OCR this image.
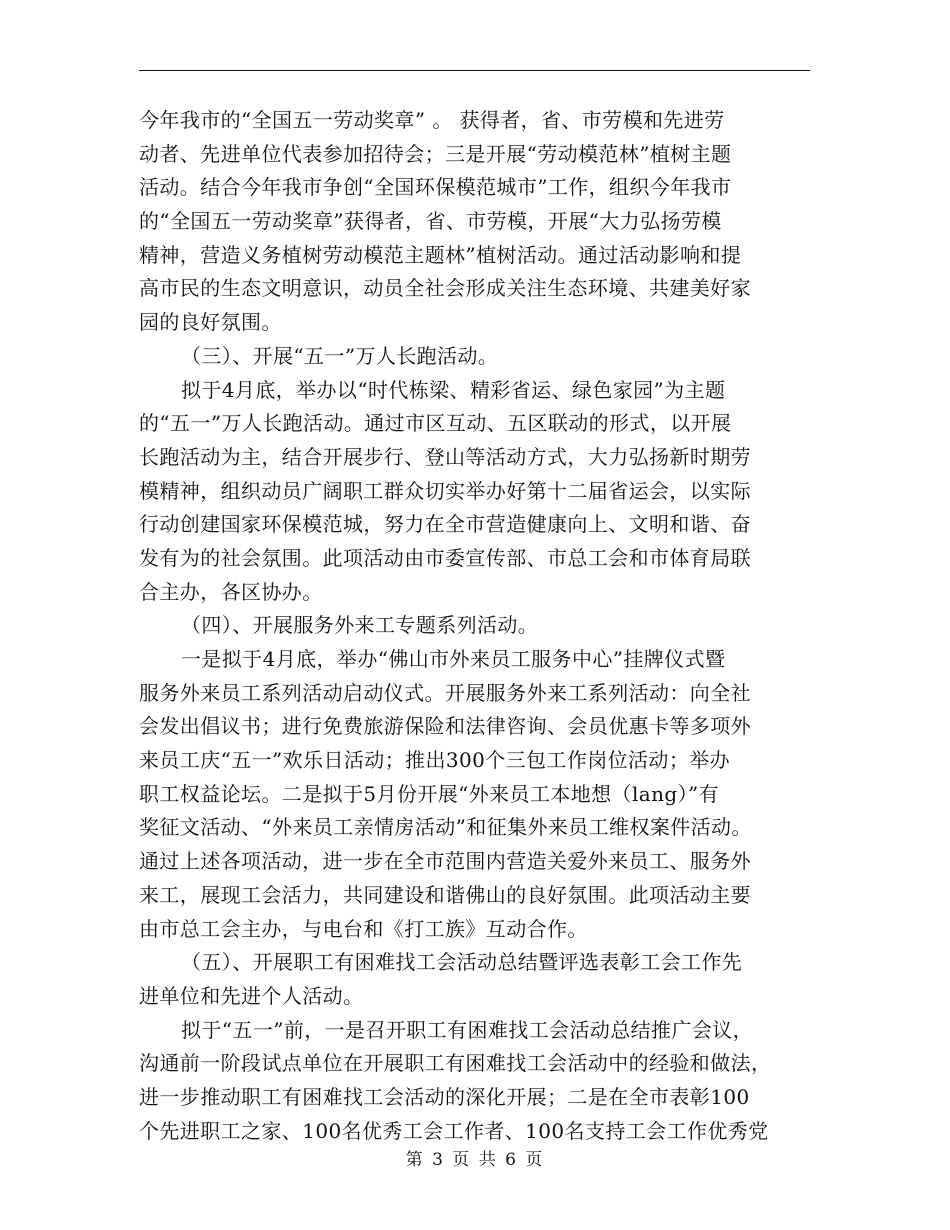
今年我市的“全国五一劳动奖章” 。 获得者，省、市劳模和先进劳
动者、先进单位代表参加招待会；三是开展“劳动模范林”植树主题
活动。结合今年我市争创“全国环保模范城市”工作，组织今年我市
的“全国五一劳动奖章”获得者，省、市劳模，开展“大力弘扬劳模
精神，营造义务植树劳动模范主题林”植树活动。通过活动影响和提
高市民的生态文明意识，动员全社会形成关注生态环境、共建美好家
园的良好氛围。
（三）、开展“五一”万人长跑活动。
拟于4月底，举办以“时代栋梁、精彩省运、绿色家园”为主题
的“五一”万人长跑活动。通过市区互动、五区联动的形式，以开展
长跑活动为主，结合开展步行、登山等活动方式，大力弘扬新时期劳
模精神，组织动员广阔职工群众切实举办好第十二届省运会，以实际
行动创建国家环保模范城，努力在全市营造健康向上、文明和谐、奋
发有为的社会氛围。此项活动由市委宣传部、市总工会和市体育局联
合主办，各区协办。
（四）、开展服务外来工专题系列活动。
一是拟于4月底，举办“佛山市外来员工服务中心”挂牌仪式暨
服务外来员工系列活动启动仪式。开展服务外来工系列活动：向全社
会发出倡议书；进行免费旅游保险和法律咨询、会员优惠卡等多项外
来员工庆“五一”欢乐日活动；推出300个三包工作岗位活动；举办
职工权益论坛。二是拟于5月份开展“外来员工本地想（lang）”有
奖征文活动、“外来员工亲情房活动”和征集外来员工维权案件活动。
通过上述各项活动，进一步在全市范围内营造关爱外来员工、服务外
来工，展现工会活力，共同建设和谐佛山的良好氛围。此项活动主要
由市总工会主办，与电台和《打工族》互动合作。
（五）、开展职工有困难找工会活动总结暨评选表彰工会工作先
进单位和先进个人活动。
拟于“五一”前，一是召开职工有困难找工会活动总结推广会议，
沟通前一阶段试点单位在开展职工有困难找工会活动中的经验和做法，
进一步推动职工有困难找工会活动的深化开展；二是在全市表彰100
个先进职工之家、100名优秀工会工作者、100名支持工会工作优秀党
第 3 页 共 6 页
